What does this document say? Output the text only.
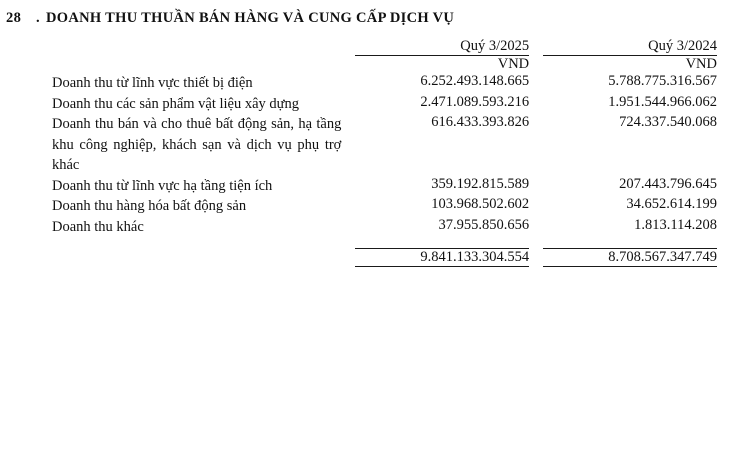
28	. DOANH THU THUẦN BÁN HÀNG VÀ CUNG CẤP DỊCH VỤ
	Quý 3/2025	Quý 3/2024

	VND	VND
Doanh thu từ lĩnh vực thiết bị điện	6.252.493.148.665	5.788.775.316.567
Doanh thu các sản phẩm vật liệu xây dựng	2.471.089.593.216	1.951.544.966.062
Doanh thu bán và cho thuê bất động sản, hạ tầng khu công nghiệp, khách sạn và dịch vụ phụ trợ khác	616.433.393.826	724.337.540.068
Doanh thu từ lĩnh vực hạ tầng tiện ích	359.192.815.589	207.443.796.645
Doanh thu hàng hóa bất động sản	103.968.502.602	34.652.614.199
Doanh thu khác	37.955.850.656	1.813.114.208

	9.841.133.304.554	8.708.567.347.749
